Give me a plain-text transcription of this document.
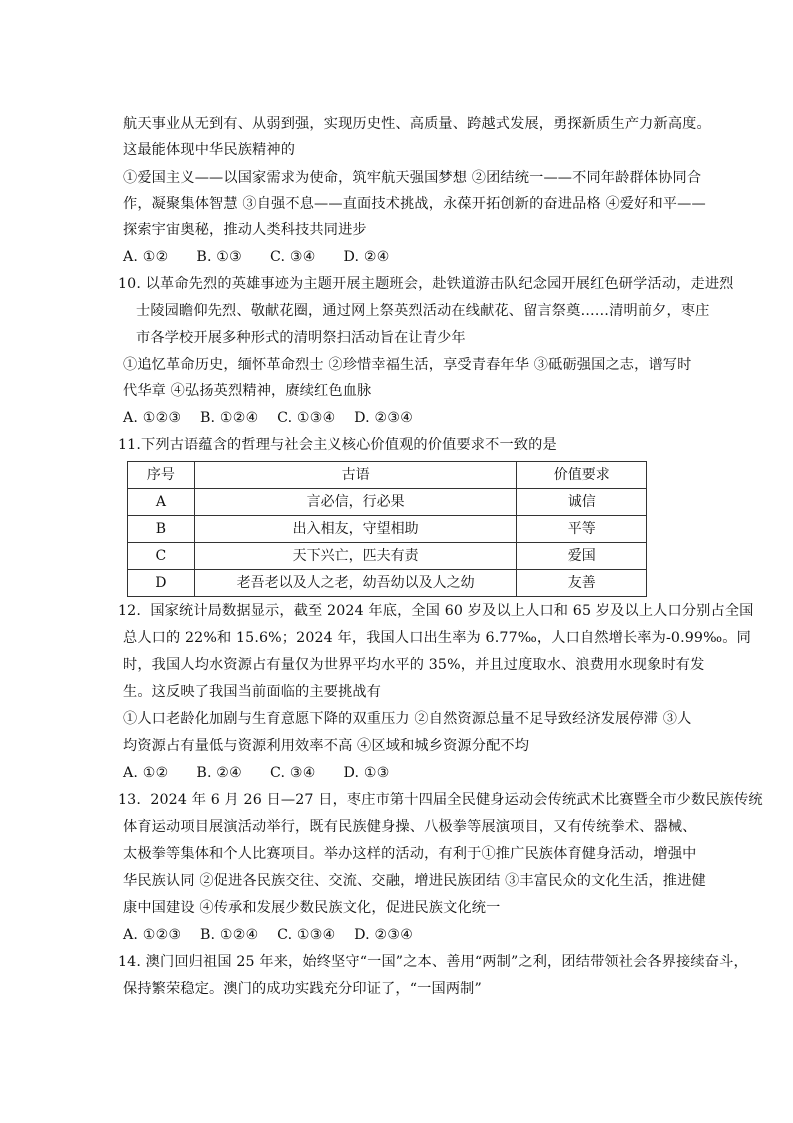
航天事业从无到有、从弱到强，实现历史性、高质量、跨越式发展，勇探新质生产力新高度。
这最能体现中华民族精神的
①爱国主义——以国家需求为使命，筑牢航天强国梦想 ②团结统一——不同年龄群体协同合
作，凝聚集体智慧 ③自强不息——直面技术挑战，永葆开拓创新的奋进品格 ④爱好和平——
探索宇宙奥秘，推动人类科技共同进步
A. ①②      B. ①③      C. ③④      D. ②④
10. 以革命先烈的英雄事迹为主题开展主题班会，赴铁道游击队纪念园开展红色研学活动，走进烈
士陵园瞻仰先烈、敬献花圈，通过网上祭英烈活动在线献花、留言祭奠……清明前夕，枣庄
市各学校开展多种形式的清明祭扫活动旨在让青少年
①追忆革命历史，缅怀革命烈士 ②珍惜幸福生活，享受青春年华 ③砥砺强国之志，谱写时
代华章 ④弘扬英烈精神，赓续红色血脉
A. ①②③    B. ①②④    C. ①③④    D. ②③④
11.下列古语蕴含的哲理与社会主义核心价值观的价值要求不一致的是
序号	古语	价值要求
A	言必信，行必果	诚信
B	出入相友，守望相助	平等
C	天下兴亡，匹夫有责	爱国
D	老吾老以及人之老，幼吾幼以及人之幼	友善
12.  国家统计局数据显示，截至 2024 年底，全国 60 岁及以上人口和 65 岁及以上人口分别占全国
总人口的 22%和 15.6%；2024 年，我国人口出生率为 6.77‰，人口自然增长率为-0.99‰。同
时，我国人均水资源占有量仅为世界平均水平的 35%，并且过度取水、浪费用水现象时有发
生。这反映了我国当前面临的主要挑战有
①人口老龄化加剧与生育意愿下降的双重压力 ②自然资源总量不足导致经济发展停滞 ③人
均资源占有量低与资源利用效率不高 ④区域和城乡资源分配不均
A. ①②      B. ②④      C. ③④      D. ①③
13.  2024 年 6 月 26 日—27 日，枣庄市第十四届全民健身运动会传统武术比赛暨全市少数民族传统
体育运动项目展演活动举行，既有民族健身操、八极拳等展演项目，又有传统拳术、器械、
太极拳等集体和个人比赛项目。举办这样的活动，有利于①推广民族体育健身活动，增强中
华民族认同 ②促进各民族交往、交流、交融，增进民族团结 ③丰富民众的文化生活，推进健
康中国建设 ④传承和发展少数民族文化，促进民族文化统一
A. ①②③    B. ①②④    C. ①③④    D. ②③④
14. 澳门回归祖国 25 年来，始终坚守“一国”之本、善用“两制”之利，团结带领社会各界接续奋斗，
保持繁荣稳定。澳门的成功实践充分印证了，“一国两制”
